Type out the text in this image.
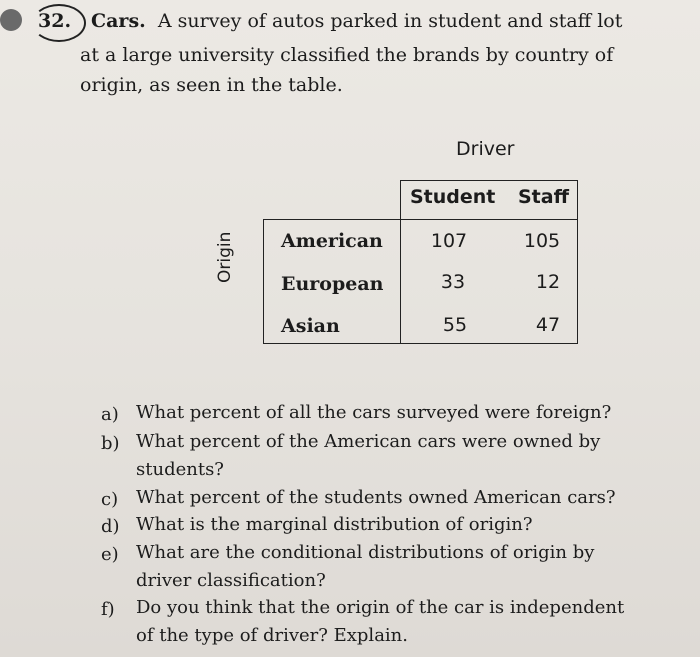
32. Cars. A survey of autos parked in student and staff lot
at a large university classified the brands by country of
origin, as seen in the table.
Driver
Student Staff
Origin American	107	105
European	33	12
Asian	55	47
a) What percent of all the cars surveyed were foreign?
b) What percent of the American cars were owned by
students?
c) What percent of the students owned American cars?
d) What is the marginal distribution of origin?
e) What are the conditional distributions of origin by
driver classification?
f) Do you think that the origin of the car is independent
of the type of driver? Explain.
